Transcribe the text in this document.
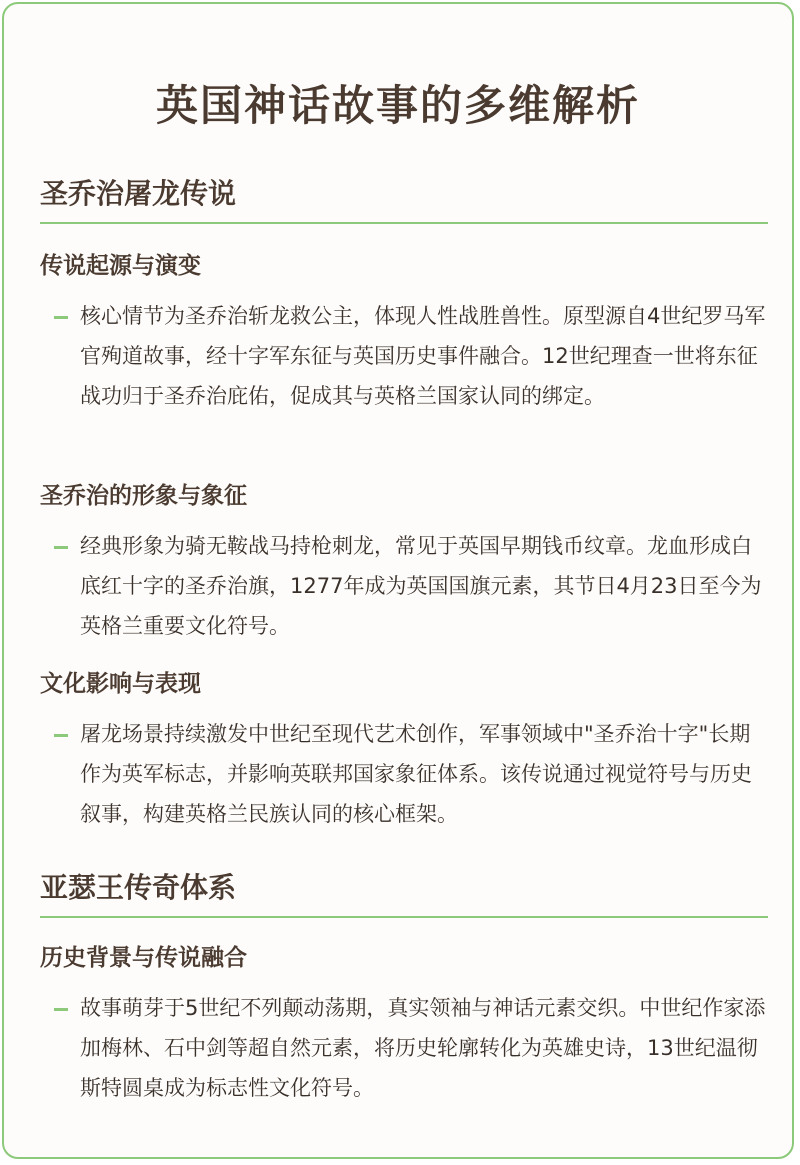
英国神话故事的多维解析
圣乔治屠龙传说
传说起源与演变
核心情节为圣乔治斩龙救公主，体现人性战胜兽性。原型源自4世纪罗马军官殉道故事，经十字军东征与英国历史事件融合。12世纪理查一世将东征战功归于圣乔治庇佑，促成其与英格兰国家认同的绑定。
圣乔治的形象与象征
经典形象为骑无鞍战马持枪刺龙，常见于英国早期钱币纹章。龙血形成白底红十字的圣乔治旗，1277年成为英国国旗元素，其节日4月23日至今为英格兰重要文化符号。
文化影响与表现
屠龙场景持续激发中世纪至现代艺术创作，军事领域中"圣乔治十字"长期作为英军标志，并影响英联邦国家象征体系。该传说通过视觉符号与历史叙事，构建英格兰民族认同的核心框架。
亚瑟王传奇体系
历史背景与传说融合
故事萌芽于5世纪不列颠动荡期，真实领袖与神话元素交织。中世纪作家添加梅林、石中剑等超自然元素，将历史轮廓转化为英雄史诗，13世纪温彻斯特圆桌成为标志性文化符号。
